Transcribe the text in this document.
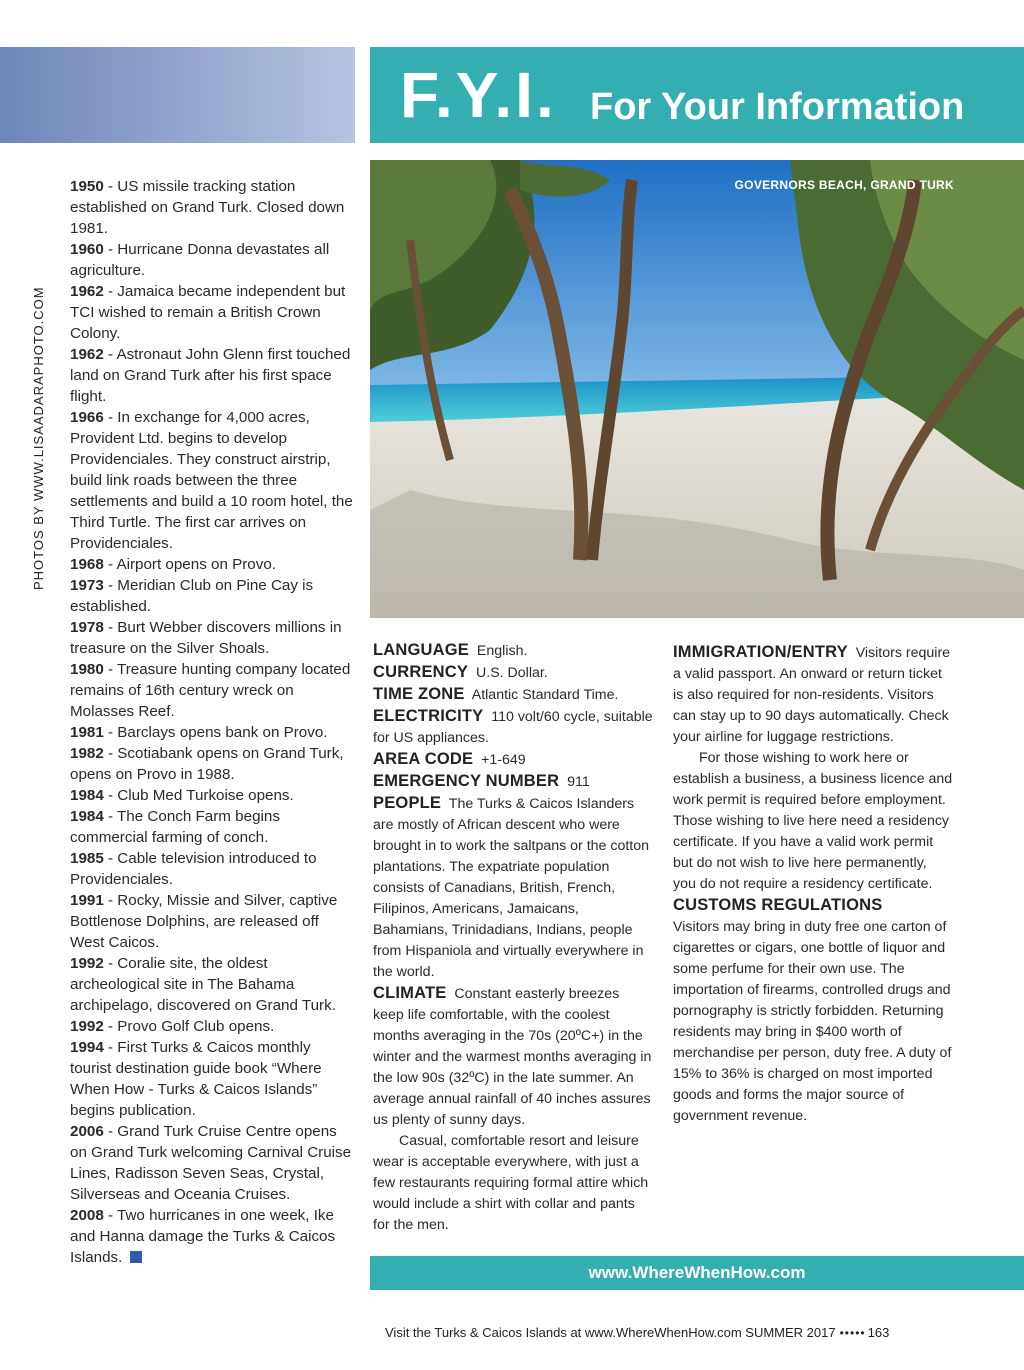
F.Y.I. For Your Information
PHOTOS BY WWW.LISAADARAPHOTO.COM

1950 - US missile tracking station established on Grand Turk. Closed down 1981.

1960 - Hurricane Donna devastates all agriculture.

1962 - Jamaica became independent but TCI wished to remain a British Crown Colony.

1962 - Astronaut John Glenn first touched land on Grand Turk after his first space flight.

1966 - In exchange for 4,000 acres, Provident Ltd. begins to develop Providenciales. They construct airstrip, build link roads between the three settlements and build a 10 room hotel, the Third Turtle. The first car arrives on Providenciales.

1968 - Airport opens on Provo.

1973 - Meridian Club on Pine Cay is established.

1978 - Burt Webber discovers millions in treasure on the Silver Shoals.

1980 - Treasure hunting company located remains of 16th century wreck on Molasses Reef.

1981 - Barclays opens bank on Provo.

1982 - Scotiabank opens on Grand Turk, opens on Provo in 1988.

1984 - Club Med Turkoise opens.

1984 - The Conch Farm begins commercial farming of conch.

1985 - Cable television introduced to Providenciales.

1991 - Rocky, Missie and Silver, captive Bottlenose Dolphins, are released off West Caicos.

1992 - Coralie site, the oldest archeological site in The Bahama archipelago, discovered on Grand Turk.

1992 - Provo Golf Club opens.

1994 - First Turks & Caicos monthly tourist destination guide book “Where When How - Turks & Caicos Islands” begins publication.

2006 - Grand Turk Cruise Centre opens on Grand Turk welcoming Carnival Cruise Lines, Radisson Seven Seas, Crystal, Silverseas and Oceania Cruises.

2008 - Two hurricanes in one week, Ike and Hanna damage the Turks & Caicos Islands.

GOVERNORS BEACH, GRAND TURK

LANGUAGE English.

CURRENCY U.S. Dollar.

TIME ZONE Atlantic Standard Time.

ELECTRICITY 110 volt/60 cycle, suitable for US appliances.

AREA CODE +1-649

EMERGENCY NUMBER 911

PEOPLE The Turks & Caicos Islanders are mostly of African descent who were brought in to work the saltpans or the cotton plantations. The expatriate population consists of Canadians, British, French, Filipinos, Americans, Jamaicans, Bahamians, Trinidadians, Indians, people from Hispaniola and virtually everywhere in the world.

CLIMATE Constant easterly breezes keep life comfortable, with the coolest months averaging in the 70s (20ºC+) in the winter and the warmest months averaging in the low 90s (32ºC) in the late summer. An average annual rainfall of 40 inches assures us plenty of sunny days.

Casual, comfortable resort and leisure wear is acceptable everywhere, with just a few restaurants requiring formal attire which would include a shirt with collar and pants for the men.

IMMIGRATION/ENTRY Visitors require a valid passport. An onward or return ticket is also required for non-residents. Visitors can stay up to 90 days automatically. Check your airline for luggage restrictions.

For those wishing to work here or establish a business, a business licence and work permit is required before employment. Those wishing to live here need a residency certificate. If you have a valid work permit but do not wish to live here permanently, you do not require a residency certificate.

CUSTOMS REGULATIONS

Visitors may bring in duty free one carton of cigarettes or cigars, one bottle of liquor and some perfume for their own use. The importation of firearms, controlled drugs and pornography is strictly forbidden. Returning residents may bring in $400 worth of merchandise per person, duty free. A duty of 15% to 36% is charged on most imported goods and forms the major source of government revenue.

www.WhereWhenHow.com
Visit the Turks & Caicos Islands at www.WhereWhenHow.com SUMMER 2017 ••••• 163
